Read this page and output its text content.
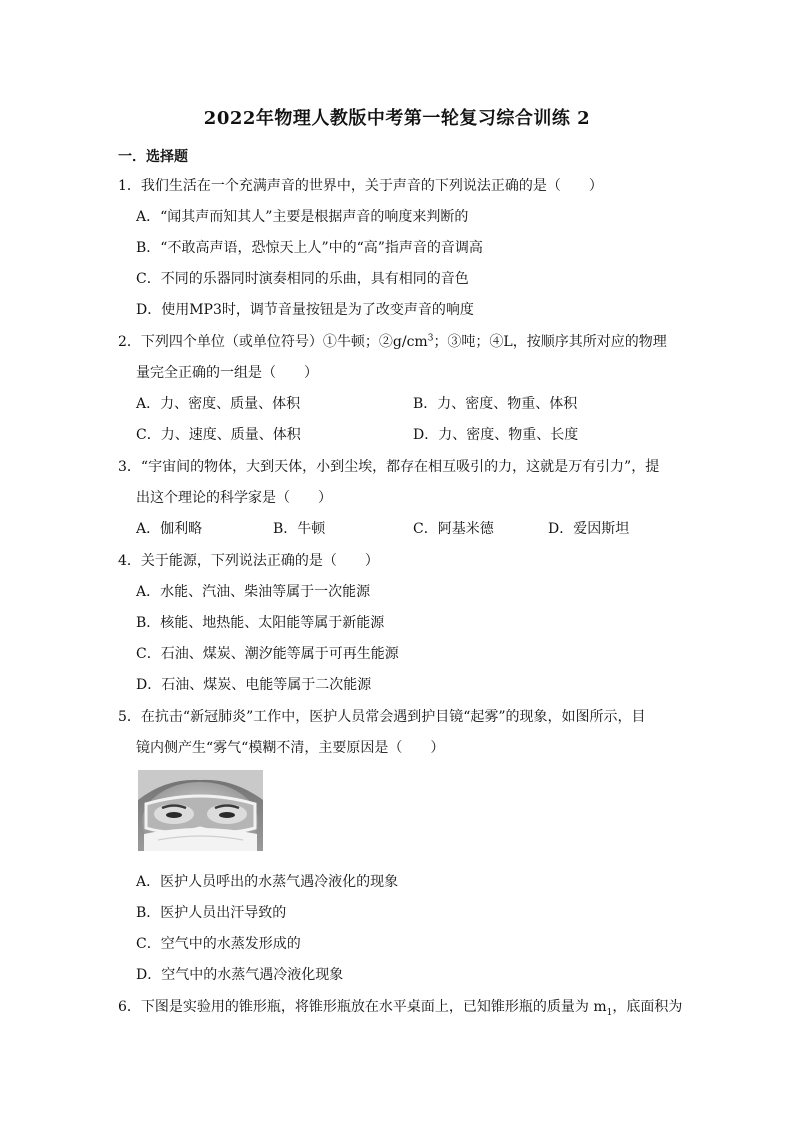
2022年物理人教版中考第一轮复习综合训练 2
一．选择题
1．我们生活在一个充满声音的世界中，关于声音的下列说法正确的是（　　）
A．“闻其声而知其人”主要是根据声音的响度来判断的
B．“不敢高声语，恐惊天上人”中的“高”指声音的音调高
C．不同的乐器同时演奏相同的乐曲，具有相同的音色
D．使用MP3时，调节音量按钮是为了改变声音的响度
2．下列四个单位（或单位符号）①牛顿；$②g/cm^3$；③吨；④L，按顺序其所对应的物理
量完全正确的一组是（　　）
A．力、密度、质量、体积	B．力、密度、物重、体积
C．力、速度、质量、体积	D．力、密度、物重、长度
3．“宇宙间的物体，大到天体，小到尘埃，都存在相互吸引的力，这就是万有引力”，提
出这个理论的科学家是（　　）
A．伽利略	B．牛顿	C．阿基米德	D．爱因斯坦
4．关于能源，下列说法正确的是（　　）
A．水能、汽油、柴油等属于一次能源
B．核能、地热能、太阳能等属于新能源
C．石油、煤炭、潮汐能等属于可再生能源
D．石油、煤炭、电能等属于二次能源
5．在抗击“新冠肺炎”工作中，医护人员常会遇到护目镜“起雾”的现象，如图所示，目
镜内侧产生“雾气“模糊不清，主要原因是（　　）
A．医护人员呼出的水蒸气遇冷液化的现象
B．医护人员出汗导致的
C．空气中的水蒸发形成的
D．空气中的水蒸气遇冷液化现象
6．下图是实验用的锥形瓶，将锥形瓶放在水平桌面上，已知锥形瓶的质量为 $m_1$，底面积为
